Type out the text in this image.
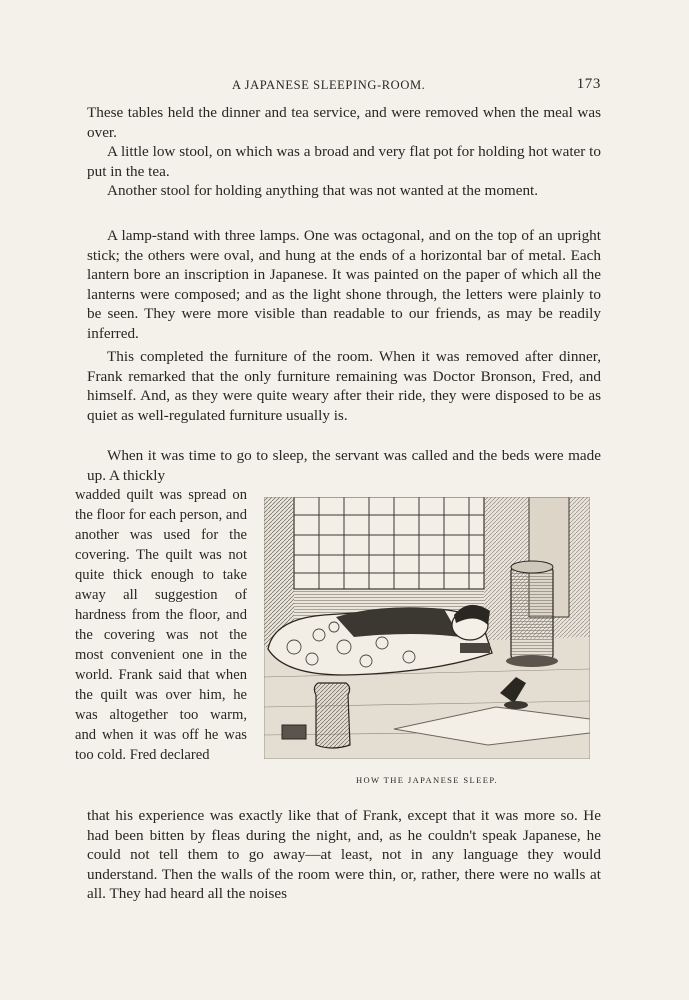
A JAPANESE SLEEPING-ROOM.	173

These tables held the dinner and tea service, and were removed when the meal was over.

A little low stool, on which was a broad and very flat pot for holding hot water to put in the tea.

Another stool for holding anything that was not wanted at the moment.

A lamp-stand with three lamps. One was octagonal, and on the top of an upright stick; the others were oval, and hung at the ends of a horizontal bar of metal. Each lantern bore an inscription in Japanese. It was painted on the paper of which all the lanterns were composed; and as the light shone through, the letters were plainly to be seen. They were more visible than readable to our friends, as may be readily inferred.

This completed the furniture of the room. When it was removed after dinner, Frank remarked that the only furniture remaining was Doctor Bronson, Fred, and himself. And, as they were quite weary after their ride, they were disposed to be as quiet as well-regulated furniture usually is.

When it was time to go to sleep, the servant was called and the beds were made up. A thickly

wadded quilt was spread on the floor for each person, and another was used for the covering. The quilt was not quite thick enough to take away all suggestion of hardness from the floor, and the covering was not the most convenient one in the world. Frank said that when the quilt was over him, he was altogether too warm, and when it was off he was too cold. Fred declared

HOW THE JAPANESE SLEEP.

that his experience was exactly like that of Frank, except that it was more so. He had been bitten by fleas during the night, and, as he couldn't speak Japanese, he could not tell them to go away—at least, not in any language they would understand. Then the walls of the room were thin, or, rather, there were no walls at all. They had heard all the noises
